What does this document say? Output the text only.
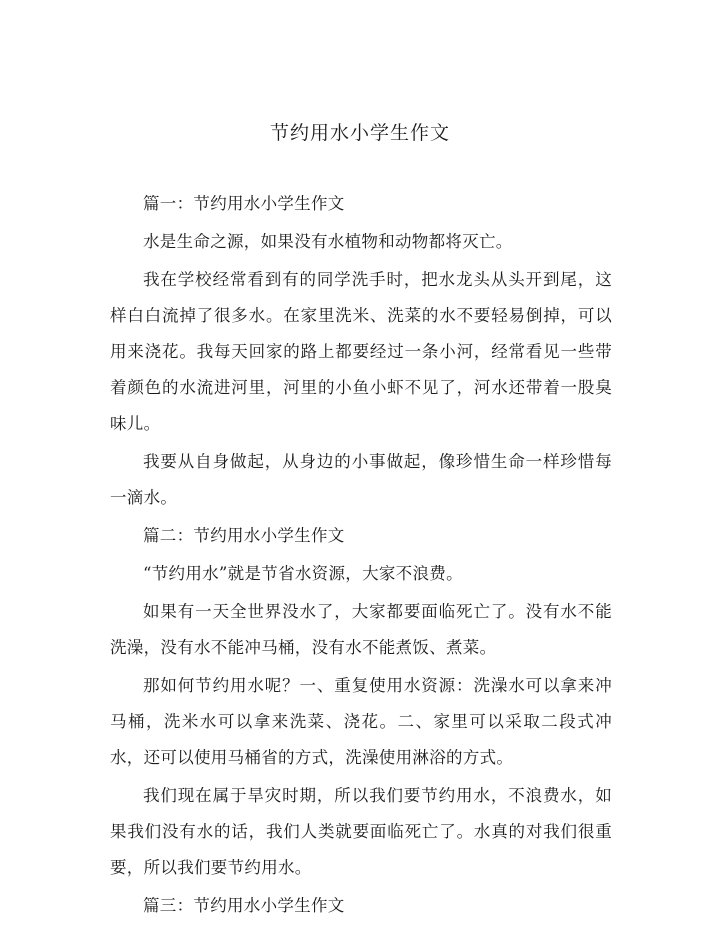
节约用水小学生作文

篇一：节约用水小学生作文

水是生命之源，如果没有水植物和动物都将灭亡。

我在学校经常看到有的同学洗手时，把水龙头从头开到尾，这样白白流掉了很多水。在家里洗米、洗菜的水不要轻易倒掉，可以用来浇花。我每天回家的路上都要经过一条小河，经常看见一些带着颜色的水流进河里，河里的小鱼小虾不见了，河水还带着一股臭味儿。

我要从自身做起，从身边的小事做起，像珍惜生命一样珍惜每一滴水。

篇二：节约用水小学生作文

“节约用水”就是节省水资源，大家不浪费。

如果有一天全世界没水了，大家都要面临死亡了。没有水不能洗澡，没有水不能冲马桶，没有水不能煮饭、煮菜。

那如何节约用水呢？一、重复使用水资源：洗澡水可以拿来冲马桶，洗米水可以拿来洗菜、浇花。二、家里可以采取二段式冲水，还可以使用马桶省的方式，洗澡使用淋浴的方式。

我们现在属于旱灾时期，所以我们要节约用水，不浪费水，如果我们没有水的话，我们人类就要面临死亡了。水真的对我们很重要，所以我们要节约用水。

篇三：节约用水小学生作文
